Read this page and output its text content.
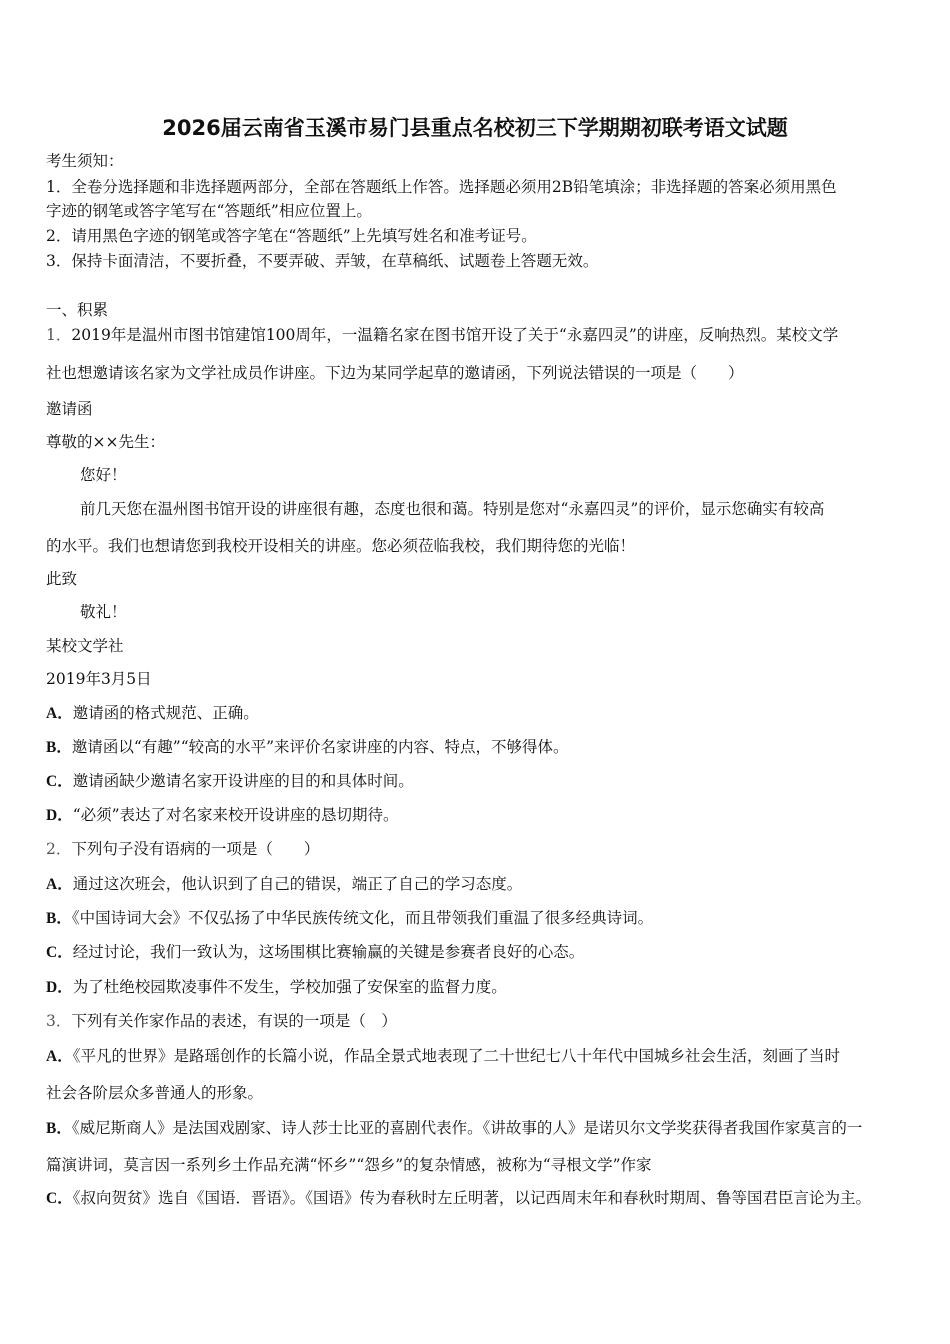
2026届云南省玉溪市易门县重点名校初三下学期期初联考语文试题
考生须知：
1．全卷分选择题和非选择题两部分，全部在答题纸上作答。选择题必须用2B铅笔填涂；非选择题的答案必须用黑色
字迹的钢笔或答字笔写在“答题纸”相应位置上。
2．请用黑色字迹的钢笔或答字笔在“答题纸”上先填写姓名和准考证号。
3．保持卡面清洁，不要折叠，不要弄破、弄皱，在草稿纸、试题卷上答题无效。
一、积累
1．2019年是温州市图书馆建馆100周年，一温籍名家在图书馆开设了关于“永嘉四灵”的讲座，反响热烈。某校文学
社也想邀请该名家为文学社成员作讲座。下边为某同学起草的邀请函，下列说法错误的一项是（　　）
邀请函
尊敬的××先生：
您好！
前几天您在温州图书馆开设的讲座很有趣，态度也很和蔼。特别是您对“永嘉四灵”的评价，显示您确实有较高
的水平。我们也想请您到我校开设相关的讲座。您必须莅临我校，我们期待您的光临！
此致
敬礼！
某校文学社
2019年3月5日
A．邀请函的格式规范、正确。
B．邀请函以“有趣”“较高的水平”来评价名家讲座的内容、特点，不够得体。
C．邀请函缺少邀请名家开设讲座的目的和具体时间。
D．“必须”表达了对名家来校开设讲座的恳切期待。
2．下列句子没有语病的一项是（　　）
A．通过这次班会，他认识到了自己的错误，端正了自己的学习态度。
B．《中国诗词大会》不仅弘扬了中华民族传统文化，而且带领我们重温了很多经典诗词。
C．经过讨论，我们一致认为，这场围棋比赛输赢的关键是参赛者良好的心态。
D．为了杜绝校园欺凌事件不发生，学校加强了安保室的监督力度。
3．下列有关作家作品的表述，有误的一项是（　）
A．《平凡的世界》是路瑶创作的长篇小说，作品全景式地表现了二十世纪七八十年代中国城乡社会生活，刻画了当时
社会各阶层众多普通人的形象。
B．《威尼斯商人》是法国戏剧家、诗人莎士比亚的喜剧代表作。《讲故事的人》是诺贝尔文学奖获得者我国作家莫言的一
篇演讲词，莫言因一系列乡土作品充满“怀乡”“怨乡”的复杂情感，被称为“寻根文学”作家
C．《叔向贺贫》选自《国语．晋语》。《国语》传为春秋时左丘明著，以记西周末年和春秋时期周、鲁等国君臣言论为主。
